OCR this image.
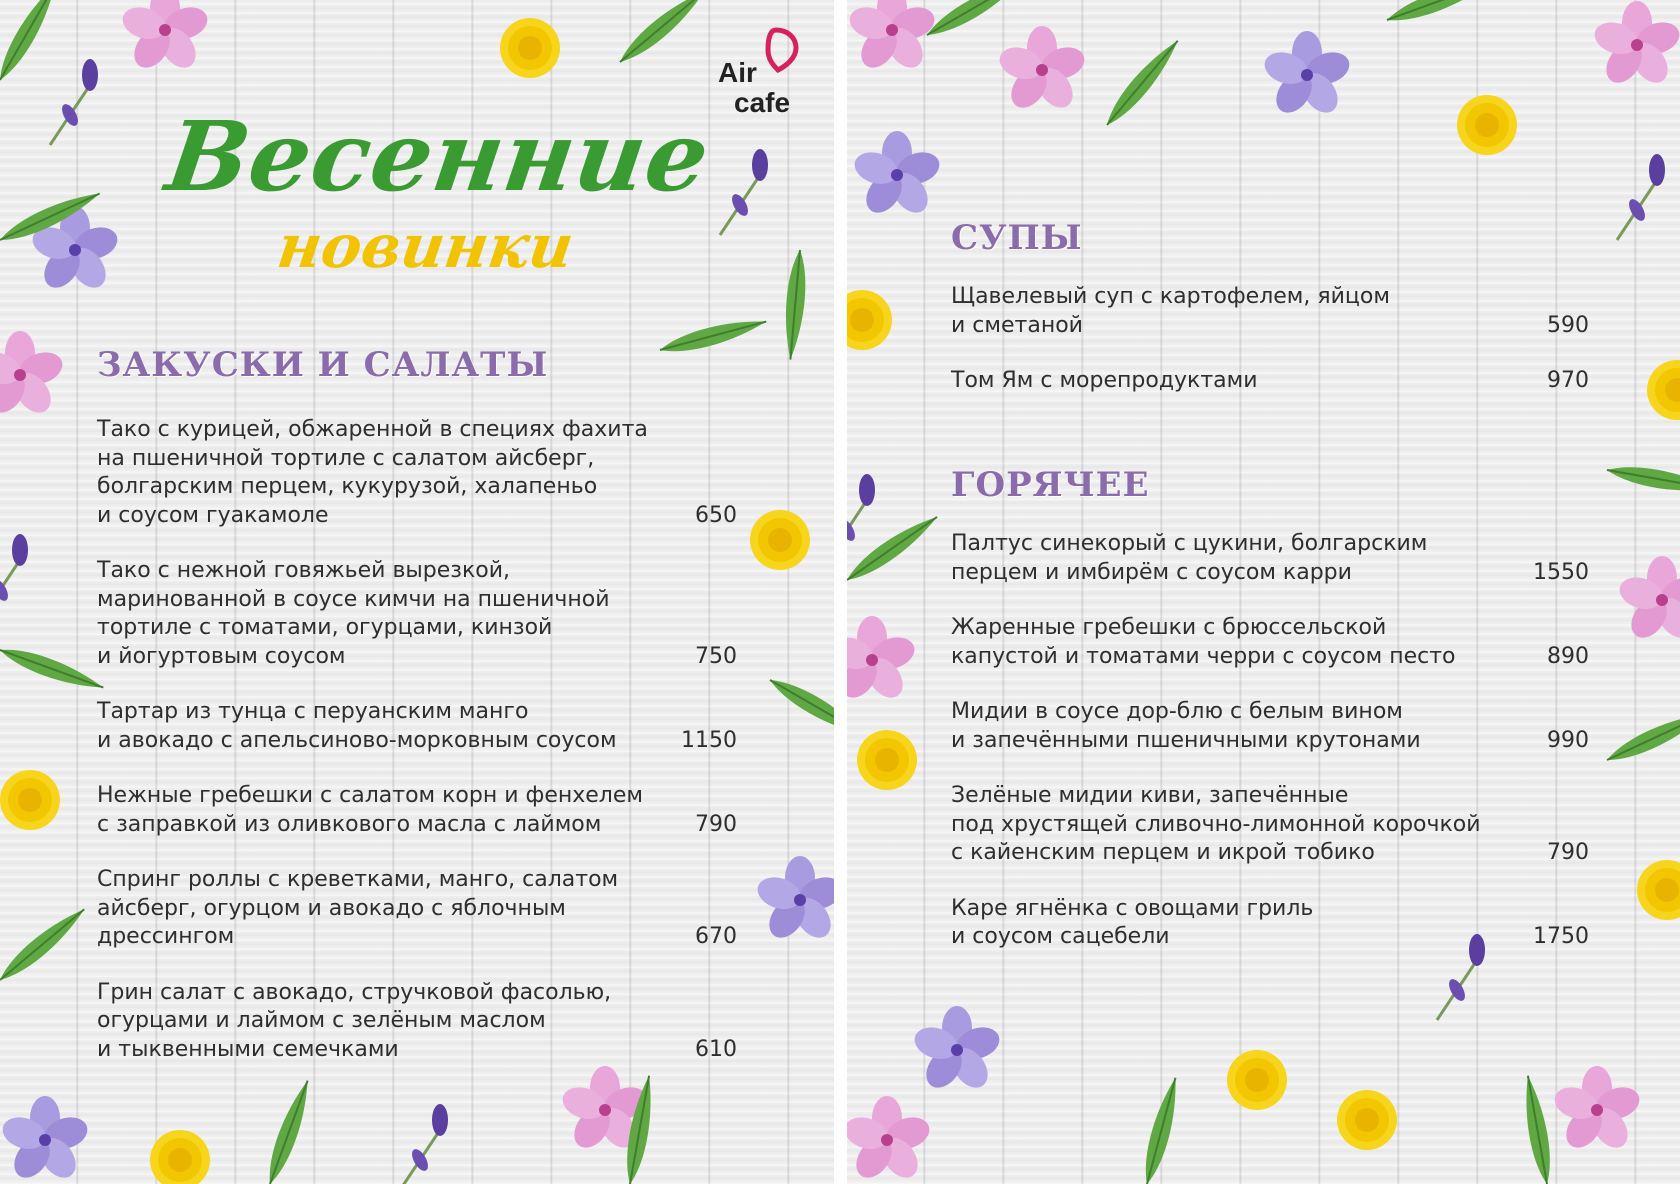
Air
cafe
Весенние
новинки
ЗАКУСКИ И САЛАТЫ
Тако с курицей, обжаренной в специях фахита
на пшеничной тортиле с салатом айсберг,
болгарским перцем, кукурузой, халапеньо
и соусом гуакамоле	650
Тако с нежной говяжьей вырезкой,
маринованной в соусе кимчи на пшеничной
тортиле с томатами, огурцами, кинзой
и йогуртовым соусом	750
Тартар из тунца с перуанским манго
и авокадо с апельсиново-морковным соусом	1150
Нежные гребешки с салатом корн и фенхелем
с заправкой из оливкового масла с лаймом	790
Спринг роллы с креветками, манго, салатом
айсберг, огурцом и авокадо с яблочным
дрессингом	670
Грин салат с авокадо, стручковой фасолью,
огурцами и лаймом с зелёным маслом
и тыквенными семечками	610
СУПЫ
Щавелевый суп с картофелем, яйцом
и сметаной	590
Том Ям с морепродуктами	970
ГОРЯЧЕЕ
Палтус синекорый с цукини, болгарским
перцем и имбирём с соусом карри	1550
Жаренные гребешки с брюссельской
капустой и томатами черри с соусом песто	890
Мидии в соусе дор-блю с белым вином
и запечёнными пшеничными крутонами	990
Зелёные мидии киви, запечённые
под хрустящей сливочно-лимонной корочкой
с кайенским перцем и икрой тобико	790
Каре ягнёнка с овощами гриль
и соусом сацебели	1750
